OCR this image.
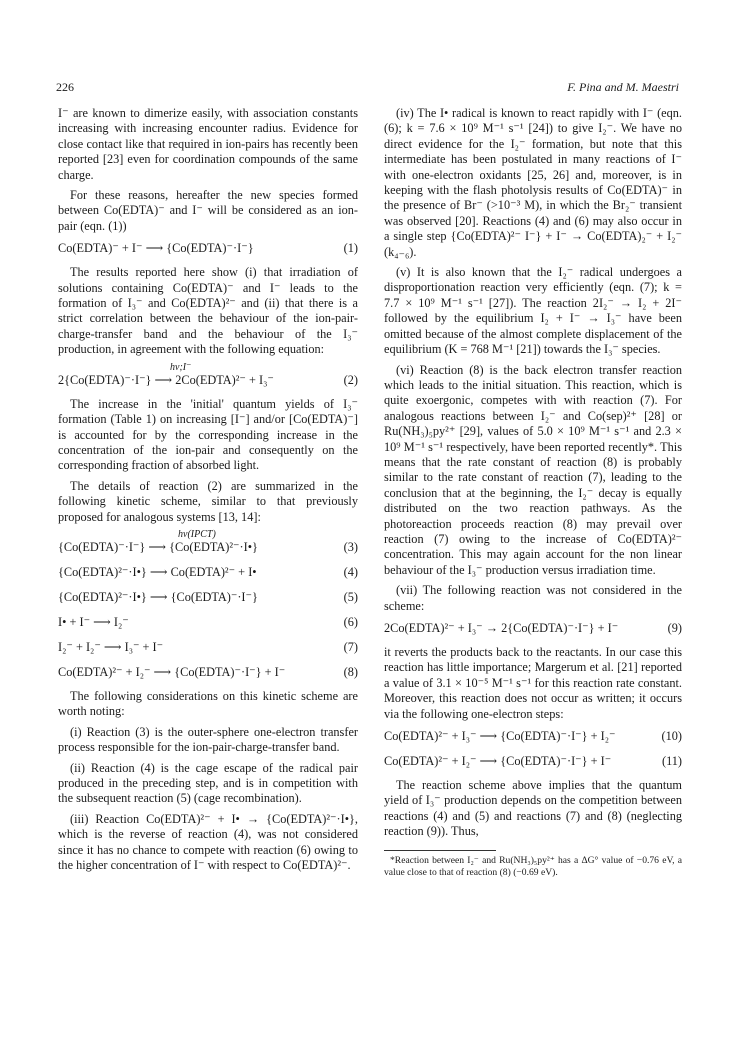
226	F. Pina and M. Maestri

I⁻ are known to dimerize easily, with association constants increasing with increasing encounter radius. Evidence for close contact like that required in ion-pairs has recently been reported [23] even for coordination compounds of the same charge.

For these reasons, hereafter the new species formed between Co(EDTA)⁻ and I⁻ will be considered as an ion-pair (eqn. (1))

Co(EDTA)⁻ + I⁻ ⟶ {Co(EDTA)⁻·I⁻}	(1)

The results reported here show (i) that irradiation of solutions containing Co(EDTA)⁻ and I⁻ leads to the formation of I₃⁻ and Co(EDTA)²⁻ and (ii) that there is a strict correlation between the behaviour of the ion-pair-charge-transfer band and the behaviour of the I₃⁻ production, in agreement with the following equation:

hν;I⁻
2{Co(EDTA)⁻·I⁻} ⟶ 2Co(EDTA)²⁻ + I₃⁻	(2)

The increase in the 'initial' quantum yields of I₃⁻ formation (Table 1) on increasing [I⁻] and/or [Co(EDTA)⁻] is accounted for by the corresponding increase in the concentration of the ion-pair and consequently on the corresponding fraction of absorbed light.

The details of reaction (2) are summarized in the following kinetic scheme, similar to that previously proposed for analogous systems [13, 14]:

hν(IPCT)
{Co(EDTA)⁻·I⁻} ⟶ {Co(EDTA)²⁻·I•}	(3)
{Co(EDTA)²⁻·I•} ⟶ Co(EDTA)²⁻ + I•	(4)
{Co(EDTA)²⁻·I•} ⟶ {Co(EDTA)⁻·I⁻}	(5)
I• + I⁻ ⟶ I₂⁻	(6)
I₂⁻ + I₂⁻ ⟶ I₃⁻ + I⁻	(7)
Co(EDTA)²⁻ + I₂⁻ ⟶ {Co(EDTA)⁻·I⁻} + I⁻	(8)

The following considerations on this kinetic scheme are worth noting:

(i) Reaction (3) is the outer-sphere one-electron transfer process responsible for the ion-pair-charge-transfer band.

(ii) Reaction (4) is the cage escape of the radical pair produced in the preceding step, and is in competition with the subsequent reaction (5) (cage recombination).

(iii) Reaction Co(EDTA)²⁻ + I• → {Co(EDTA)²⁻·I•}, which is the reverse of reaction (4), was not considered since it has no chance to compete with reaction (6) owing to the higher concentration of I⁻ with respect to Co(EDTA)²⁻.

(iv) The I• radical is known to react rapidly with I⁻ (eqn. (6); k = 7.6 × 10⁹ M⁻¹ s⁻¹ [24]) to give I₂⁻. We have no direct evidence for the I₂⁻ formation, but note that this intermediate has been postulated in many reactions of I⁻ with one-electron oxidants [25, 26] and, moreover, is in keeping with the flash photolysis results of Co(EDTA)⁻ in the presence of Br⁻ (>10⁻³ M), in which the Br₂⁻ transient was observed [20]. Reactions (4) and (6) may also occur in a single step {Co(EDTA)²⁻ I⁻} + I⁻ → Co(EDTA)₂⁻ + I₂⁻ (k₄₋₆).

(v) It is also known that the I₂⁻ radical undergoes a disproportionation reaction very efficiently (eqn. (7); k = 7.7 × 10⁹ M⁻¹ s⁻¹ [27]). The reaction 2I₂⁻ → I₂ + 2I⁻ followed by the equilibrium I₂ + I⁻ → I₃⁻ have been omitted because of the almost complete displacement of the equilibrium (K = 768 M⁻¹ [21]) towards the I₃⁻ species.

(vi) Reaction (8) is the back electron transfer reaction which leads to the initial situation. This reaction, which is quite exoergonic, competes with with reaction (7). For analogous reactions between I₂⁻ and Co(sep)²⁺ [28] or Ru(NH₃)₅py²⁺ [29], values of 5.0 × 10⁹ M⁻¹ s⁻¹ and 2.3 × 10⁹ M⁻¹ s⁻¹ respectively, have been reported recently*. This means that the rate constant of reaction (8) is probably similar to the rate constant of reaction (7), leading to the conclusion that at the beginning, the I₂⁻ decay is equally distributed on the two reaction pathways. As the photoreaction proceeds reaction (8) may prevail over reaction (7) owing to the increase of Co(EDTA)²⁻ concentration. This may again account for the non linear behaviour of the I₃⁻ production versus irradiation time.

(vii) The following reaction was not considered in the scheme:

2Co(EDTA)²⁻ + I₃⁻ → 2{Co(EDTA)⁻·I⁻} + I⁻	(9)

it reverts the products back to the reactants. In our case this reaction has little importance; Margerum et al. [21] reported a value of 3.1 × 10⁻⁵ M⁻¹ s⁻¹ for this reaction rate constant. Moreover, this reaction does not occur as written; it occurs via the following one-electron steps:

Co(EDTA)²⁻ + I₃⁻ ⟶ {Co(EDTA)⁻·I⁻} + I₂⁻	(10)
Co(EDTA)²⁻ + I₂⁻ ⟶ {Co(EDTA)⁻·I⁻} + I⁻	(11)

The reaction scheme above implies that the quantum yield of I₃⁻ production depends on the competition between reactions (4) and (5) and reactions (7) and (8) (neglecting reaction (9)). Thus,

*Reaction between I₂⁻ and Ru(NH₃)₅py²⁺ has a ΔG° value of −0.76 eV, a value close to that of reaction (8) (−0.69 eV).
